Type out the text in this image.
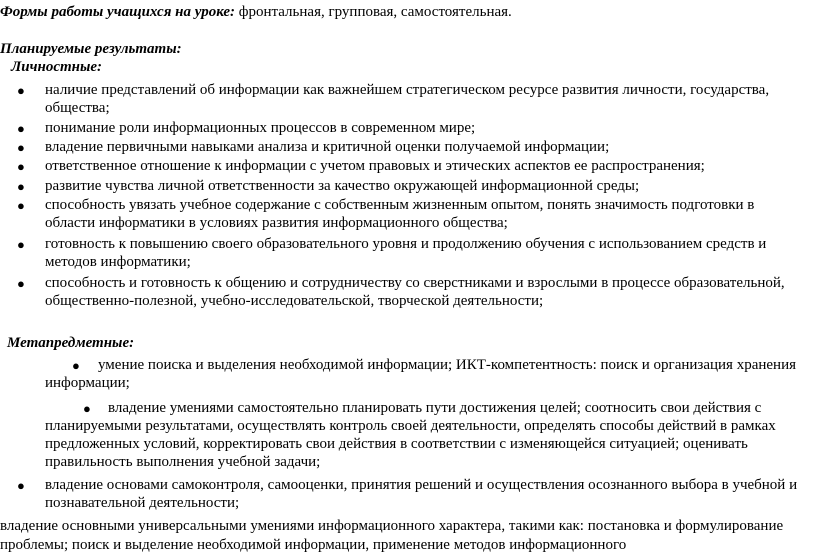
Формы работы учащихся на уроке: фронтальная, групповая, самостоятельная.
Планируемые результаты:
Личностные:
● наличие представлений об информации как важнейшем стратегическом ресурсе развития личности, государства,
общества;
● понимание роли информационных процессов в современном мире;
● владение первичными навыками анализа и критичной оценки получаемой информации;
● ответственное отношение к информации с учетом правовых и этических аспектов ее распространения;
● развитие чувства личной ответственности за качество окружающей информационной среды;
● способность увязать учебное содержание с собственным жизненным опытом, понять значимость подготовки в
области информатики в условиях развития информационного общества;
● готовность к повышению своего образовательного уровня и продолжению обучения с использованием средств и
методов информатики;
● способность и готовность к общению и сотрудничеству со сверстниками и взрослыми в процессе образовательной,
общественно-полезной, учебно-исследовательской, творческой деятельности;
Метапредметные:
● умение поиска и выделения необходимой информации; ИКТ-компетентность: поиск и организация хранения
информации;
● владение умениями самостоятельно планировать пути достижения целей; соотносить свои действия с
планируемыми результатами, осуществлять контроль своей деятельности, определять способы действий в рамках
предложенных условий, корректировать свои действия в соответствии с изменяющейся ситуацией; оценивать
правильность выполнения учебной задачи;
● владение основами самоконтроля, самооценки, принятия решений и осуществления осознанного выбора в учебной и
познавательной деятельности;
владение основными универсальными умениями информационного характера, такими как: постановка и формулирование
проблемы; поиск и выделение необходимой информации, применение методов информационного
